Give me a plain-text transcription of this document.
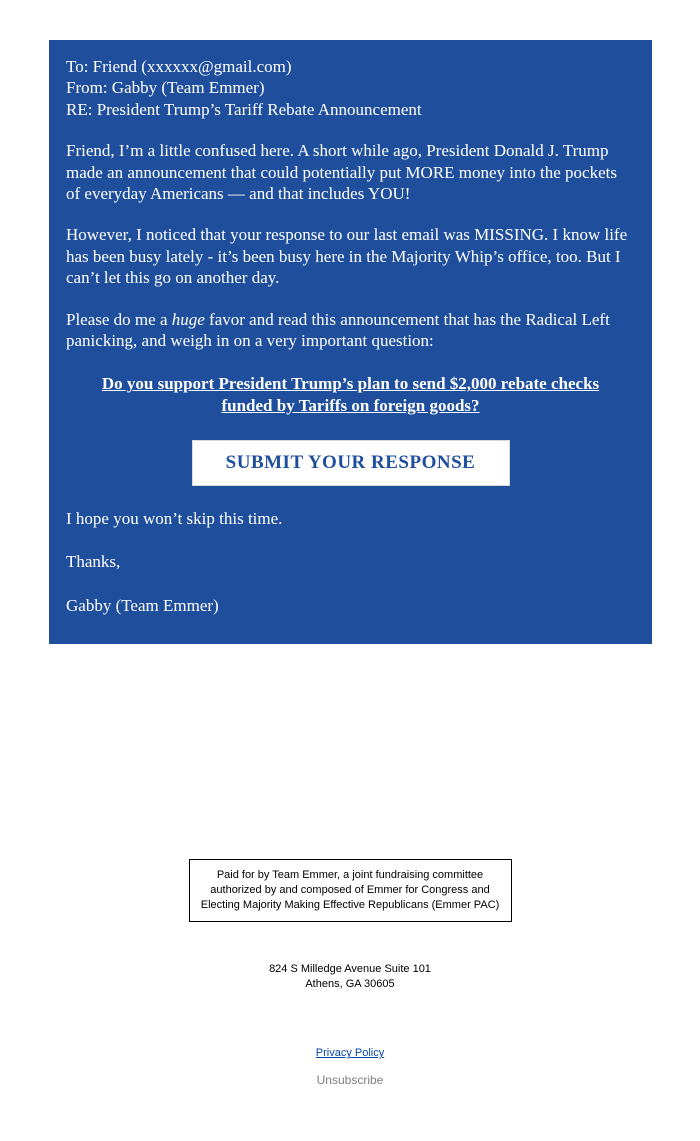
To: Friend (xxxxxx@gmail.com)
From: Gabby (Team Emmer)
RE: President Trump’s Tariff Rebate Announcement

Friend, I’m a little confused here. A short while ago, President Donald J. Trump made an announcement that could potentially put MORE money into the pockets of everyday Americans — and that includes YOU!

However, I noticed that your response to our last email was MISSING. I know life has been busy lately - it’s been busy here in the Majority Whip’s office, too. But I can’t let this go on another day.

Please do me a huge favor and read this announcement that has the Radical Left panicking, and weigh in on a very important question:

Do you support President Trump’s plan to send $2,000 rebate checks funded by Tariffs on foreign goods?
SUBMIT YOUR RESPONSE

I hope you won’t skip this time.

Thanks,

Gabby (Team Emmer)

Paid for by Team Emmer, a joint fundraising committee authorized by and composed of Emmer for Congress and Electing Majority Making Effective Republicans (Emmer PAC)
824 S Milledge Avenue Suite 101
Athens, GA 30605
Privacy Policy
Unsubscribe
